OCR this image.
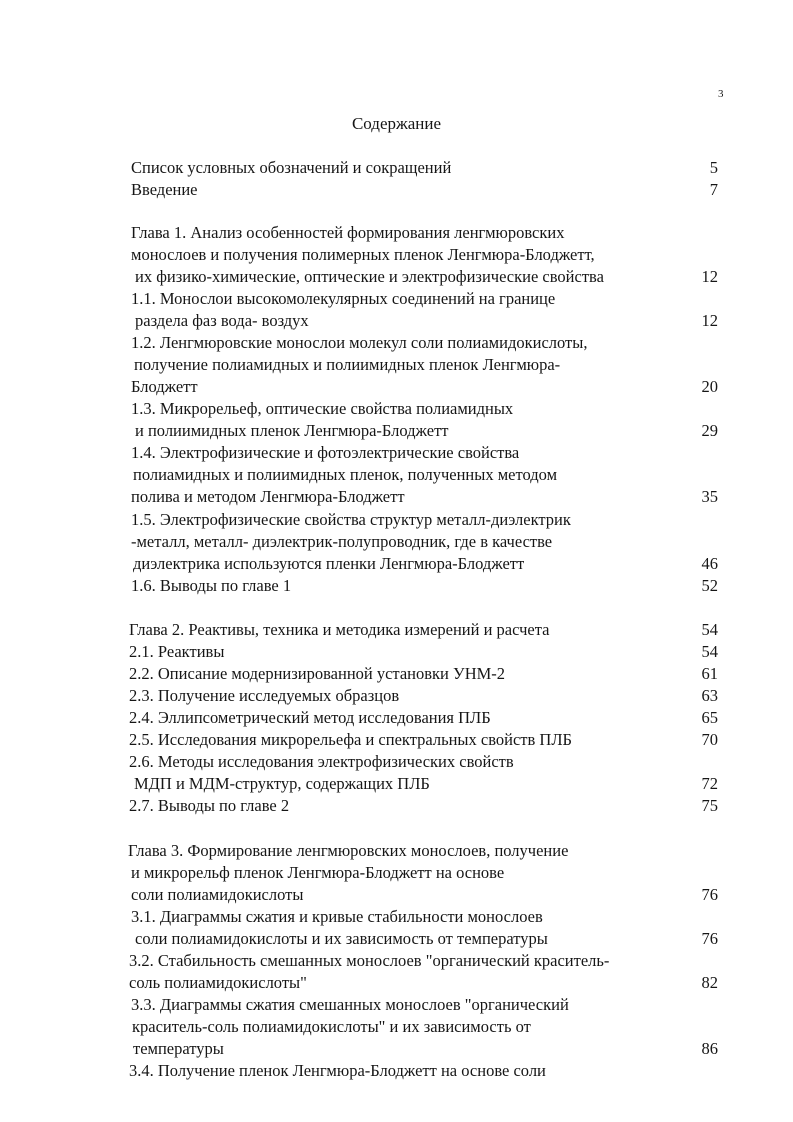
3
Содержание
Список условных обозначений и сокращений	5
Введение	7
Глава 1. Анализ особенностей формирования ленгмюровских
монослоев и получения полимерных пленок Ленгмюра-Блоджетт,
их физико-химические, оптические и электрофизические свойства	12
1.1. Монослои высокомолекулярных соединений на границе
раздела фаз вода- воздух	12
1.2. Ленгмюровские монослои молекул соли полиамидокислоты,
получение полиамидных и полиимидных пленок Ленгмюра-
Блоджетт	20
1.3. Микрорельеф, оптические свойства полиамидных
и полиимидных пленок Ленгмюра-Блоджетт	29
1.4. Электрофизические и фотоэлектрические свойства
полиамидных и полиимидных пленок, полученных методом
полива и методом Ленгмюра-Блоджетт	35
1.5. Электрофизические свойства структур металл-диэлектрик
-металл, металл- диэлектрик-полупроводник, где в качестве
диэлектрика используются пленки Ленгмюра-Блоджетт	46
1.6. Выводы по главе 1	52
Глава 2. Реактивы, техника и методика измерений и расчета	54
2.1. Реактивы	54
2.2. Описание модернизированной установки УНМ-2	61
2.3. Получение исследуемых образцов	63
2.4. Эллипсометрический метод исследования ПЛБ	65
2.5. Исследования микрорельефа и спектральных свойств ПЛБ	70
2.6. Методы исследования электрофизических свойств
МДП и МДМ-структур, содержащих ПЛБ	72
2.7. Выводы по главе 2	75
Глава 3. Формирование ленгмюровских монослоев, получение
и микрорельф пленок Ленгмюра-Блоджетт на основе
соли полиамидокислоты	76
3.1. Диаграммы сжатия и кривые стабильности монослоев
соли полиамидокислоты и их зависимость от температуры	76
3.2. Стабильность смешанных монослоев "органический краситель-
соль полиамидокислоты"	82
3.3. Диаграммы сжатия смешанных монослоев "органический
краситель-соль полиамидокислоты" и их зависимость от
температуры	86
3.4. Получение пленок Ленгмюра-Блоджетт на основе соли
